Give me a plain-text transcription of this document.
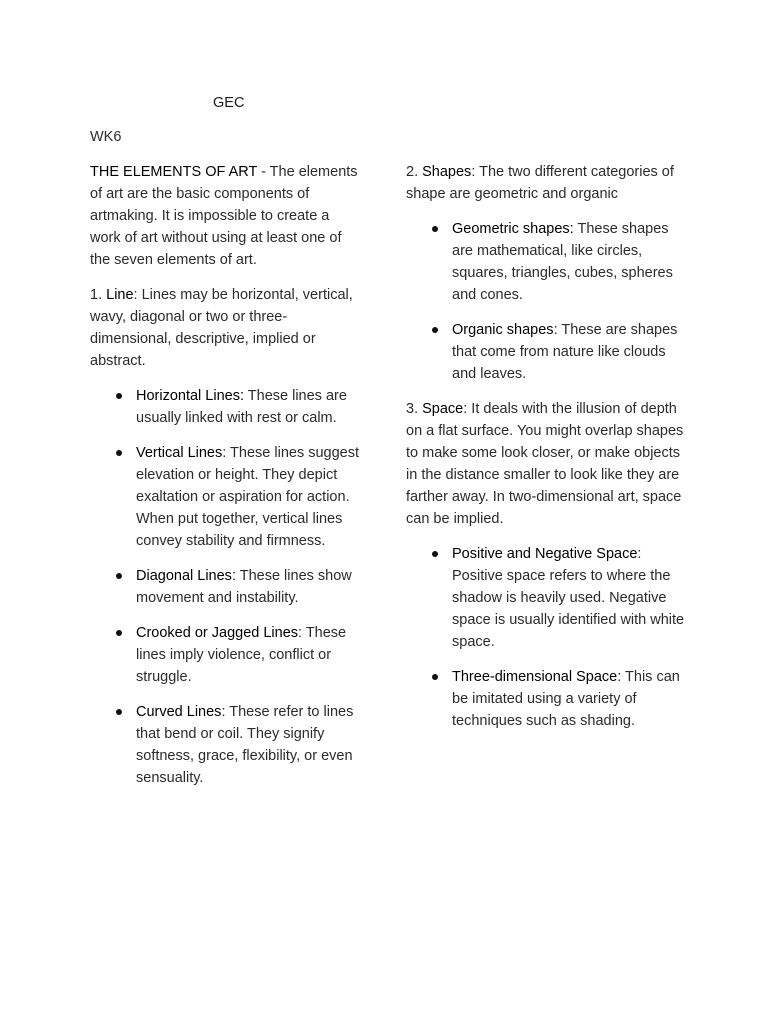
GEC

WK6

THE ELEMENTS OF ART - The elements of art are the basic components of artmaking. It is impossible to create a work of art without using at least one of the seven elements of art.

1. Line: Lines may be horizontal, vertical, wavy, diagonal or two or three-dimensional, descriptive, implied or abstract.

Horizontal Lines: These lines are usually linked with rest or calm.
Vertical Lines: These lines suggest elevation or height. They depict exaltation or aspiration for action. When put together, vertical lines convey stability and firmness.
Diagonal Lines: These lines show movement and instability.
Crooked or Jagged Lines: These lines imply violence, conflict or struggle.
Curved Lines: These refer to lines that bend or coil. They signify softness, grace, flexibility, or even sensuality.

2. Shapes: The two different categories of shape are geometric and organic

Geometric shapes: These shapes are mathematical, like circles, squares, triangles, cubes, spheres and cones.
Organic shapes: These are shapes that come from nature like clouds and leaves.

3. Space: It deals with the illusion of depth on a flat surface. You might overlap shapes to make some look closer, or make objects in the distance smaller to look like they are farther away. In two-dimensional art, space can be implied.

Positive and Negative Space: Positive space refers to where the shadow is heavily used. Negative space is usually identified with white space.
Three-dimensional Space: This can be imitated using a variety of techniques such as shading.
